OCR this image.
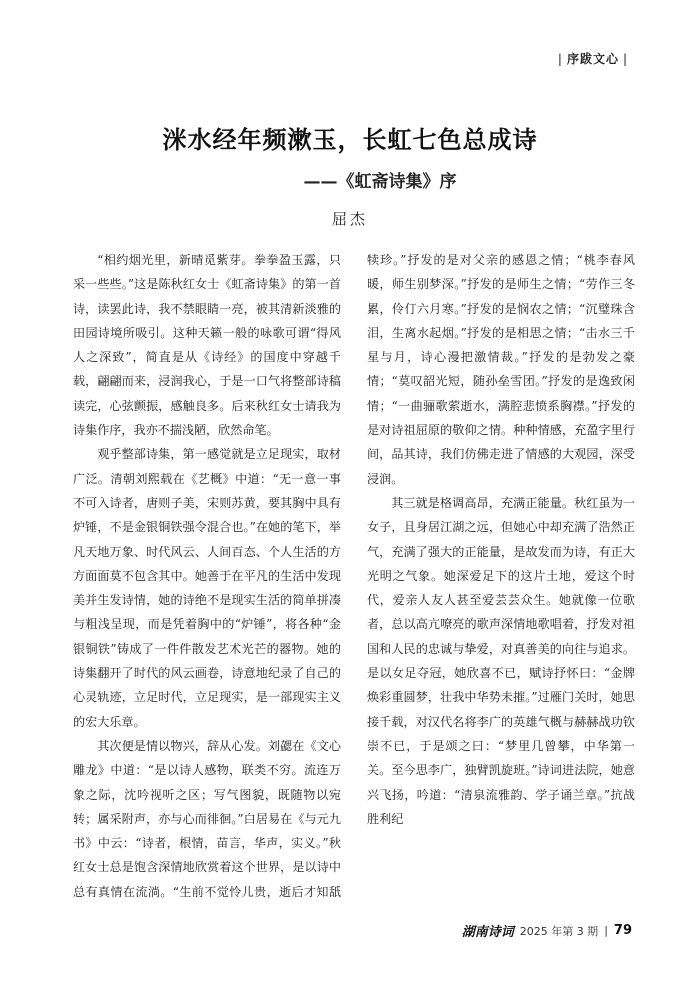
| 序跋文心 |
洣水经年频漱玉，长虹七色总成诗
——《虹斋诗集》序
屈杰

“相约烟光里，新晴觅紫芽。拳拳盈玉露，只采一些些。”这是陈秋红女士《虹斋诗集》的第一首诗，读罢此诗，我不禁眼睛一亮，被其清新淡雅的田园诗境所吸引。这种天籁一般的咏歌可谓“得风人之深致”，简直是从《诗经》的国度中穿越千载，翩翩而来，浸润我心，于是一口气将整部诗稿读完，心弦颤振，感触良多。后来秋红女士请我为诗集作序，我亦不揣浅陋，欣然命笔。

观乎整部诗集，第一感觉就是立足现实，取材广泛。清朝刘熙载在《艺概》中道：“无一意一事不可入诗者，唐则子美，宋则苏黄，要其胸中具有炉锤，不是金银铜铁强令混合也。”在她的笔下，举凡天地万象、时代风云、人间百态、个人生活的方方面面莫不包含其中。她善于在平凡的生活中发现美并生发诗情，她的诗绝不是现实生活的简单拼凑与粗浅呈现，而是凭着胸中的“炉锤”，将各种“金银铜铁”铸成了一件件散发艺术光芒的器物。她的诗集翻开了时代的风云画卷，诗意地纪录了自己的心灵轨迹，立足时代，立足现实，是一部现实主义的宏大乐章。

其次便是情以物兴，辞从心发。刘勰在《文心雕龙》中道：“是以诗人感物，联类不穷。流连万象之际，沈吟视听之区；写气图貌，既随物以宛转；属采附声，亦与心而徘徊。”白居易在《与元九书》中云：“诗者，根情，苗言，华声，实义。”秋红女士总是饱含深情地欣赏着这个世界，是以诗中总有真情在流淌。“生前不觉怜儿贵，逝后才知舐犊珍。”抒发的是对父亲的感恩之情；“桃李春风暖，师生别梦深。”抒发的是师生之情；“劳作三冬累，伶仃六月寒。”抒发的是悯农之情；“沉璧珠含泪，生离水起烟。”抒发的是相思之情；“击水三千星与月，诗心漫把激情裁。”抒发的是勃发之豪情；“莫叹韶光短，随孙垒雪团。”抒发的是逸致闲情；“一曲骊歌萦逝水，满腔悲愤系胸襟。”抒发的是对诗祖屈原的敬仰之情。种种情感，充盈字里行间，品其诗，我们仿佛走进了情感的大观园，深受浸润。

其三就是格调高昂，充满正能量。秋红虽为一女子，且身居江湖之远，但她心中却充满了浩然正气，充满了强大的正能量，是故发而为诗，有正大光明之气象。她深爱足下的这片土地，爱这个时代，爱亲人友人甚至爱芸芸众生。她就像一位歌者，总以高亢嘹亮的歌声深情地歌唱着，抒发对祖国和人民的忠诚与挚爱，对真善美的向往与追求。是以女足夺冠，她欣喜不已，赋诗抒怀曰：“金牌焕彩重圆梦，壮我中华势未摧。”过雁门关时，她思接千载，对汉代名将李广的英雄气概与赫赫战功钦崇不已，于是颂之曰：“梦里几曾攀，中华第一关。至今思李广，独臂凯旋班。”诗词进法院，她意兴飞扬，吟道：“清泉流雅韵、学子诵兰章。”抗战胜利纪

湖南诗词 2025 年第 3 期 | 79
